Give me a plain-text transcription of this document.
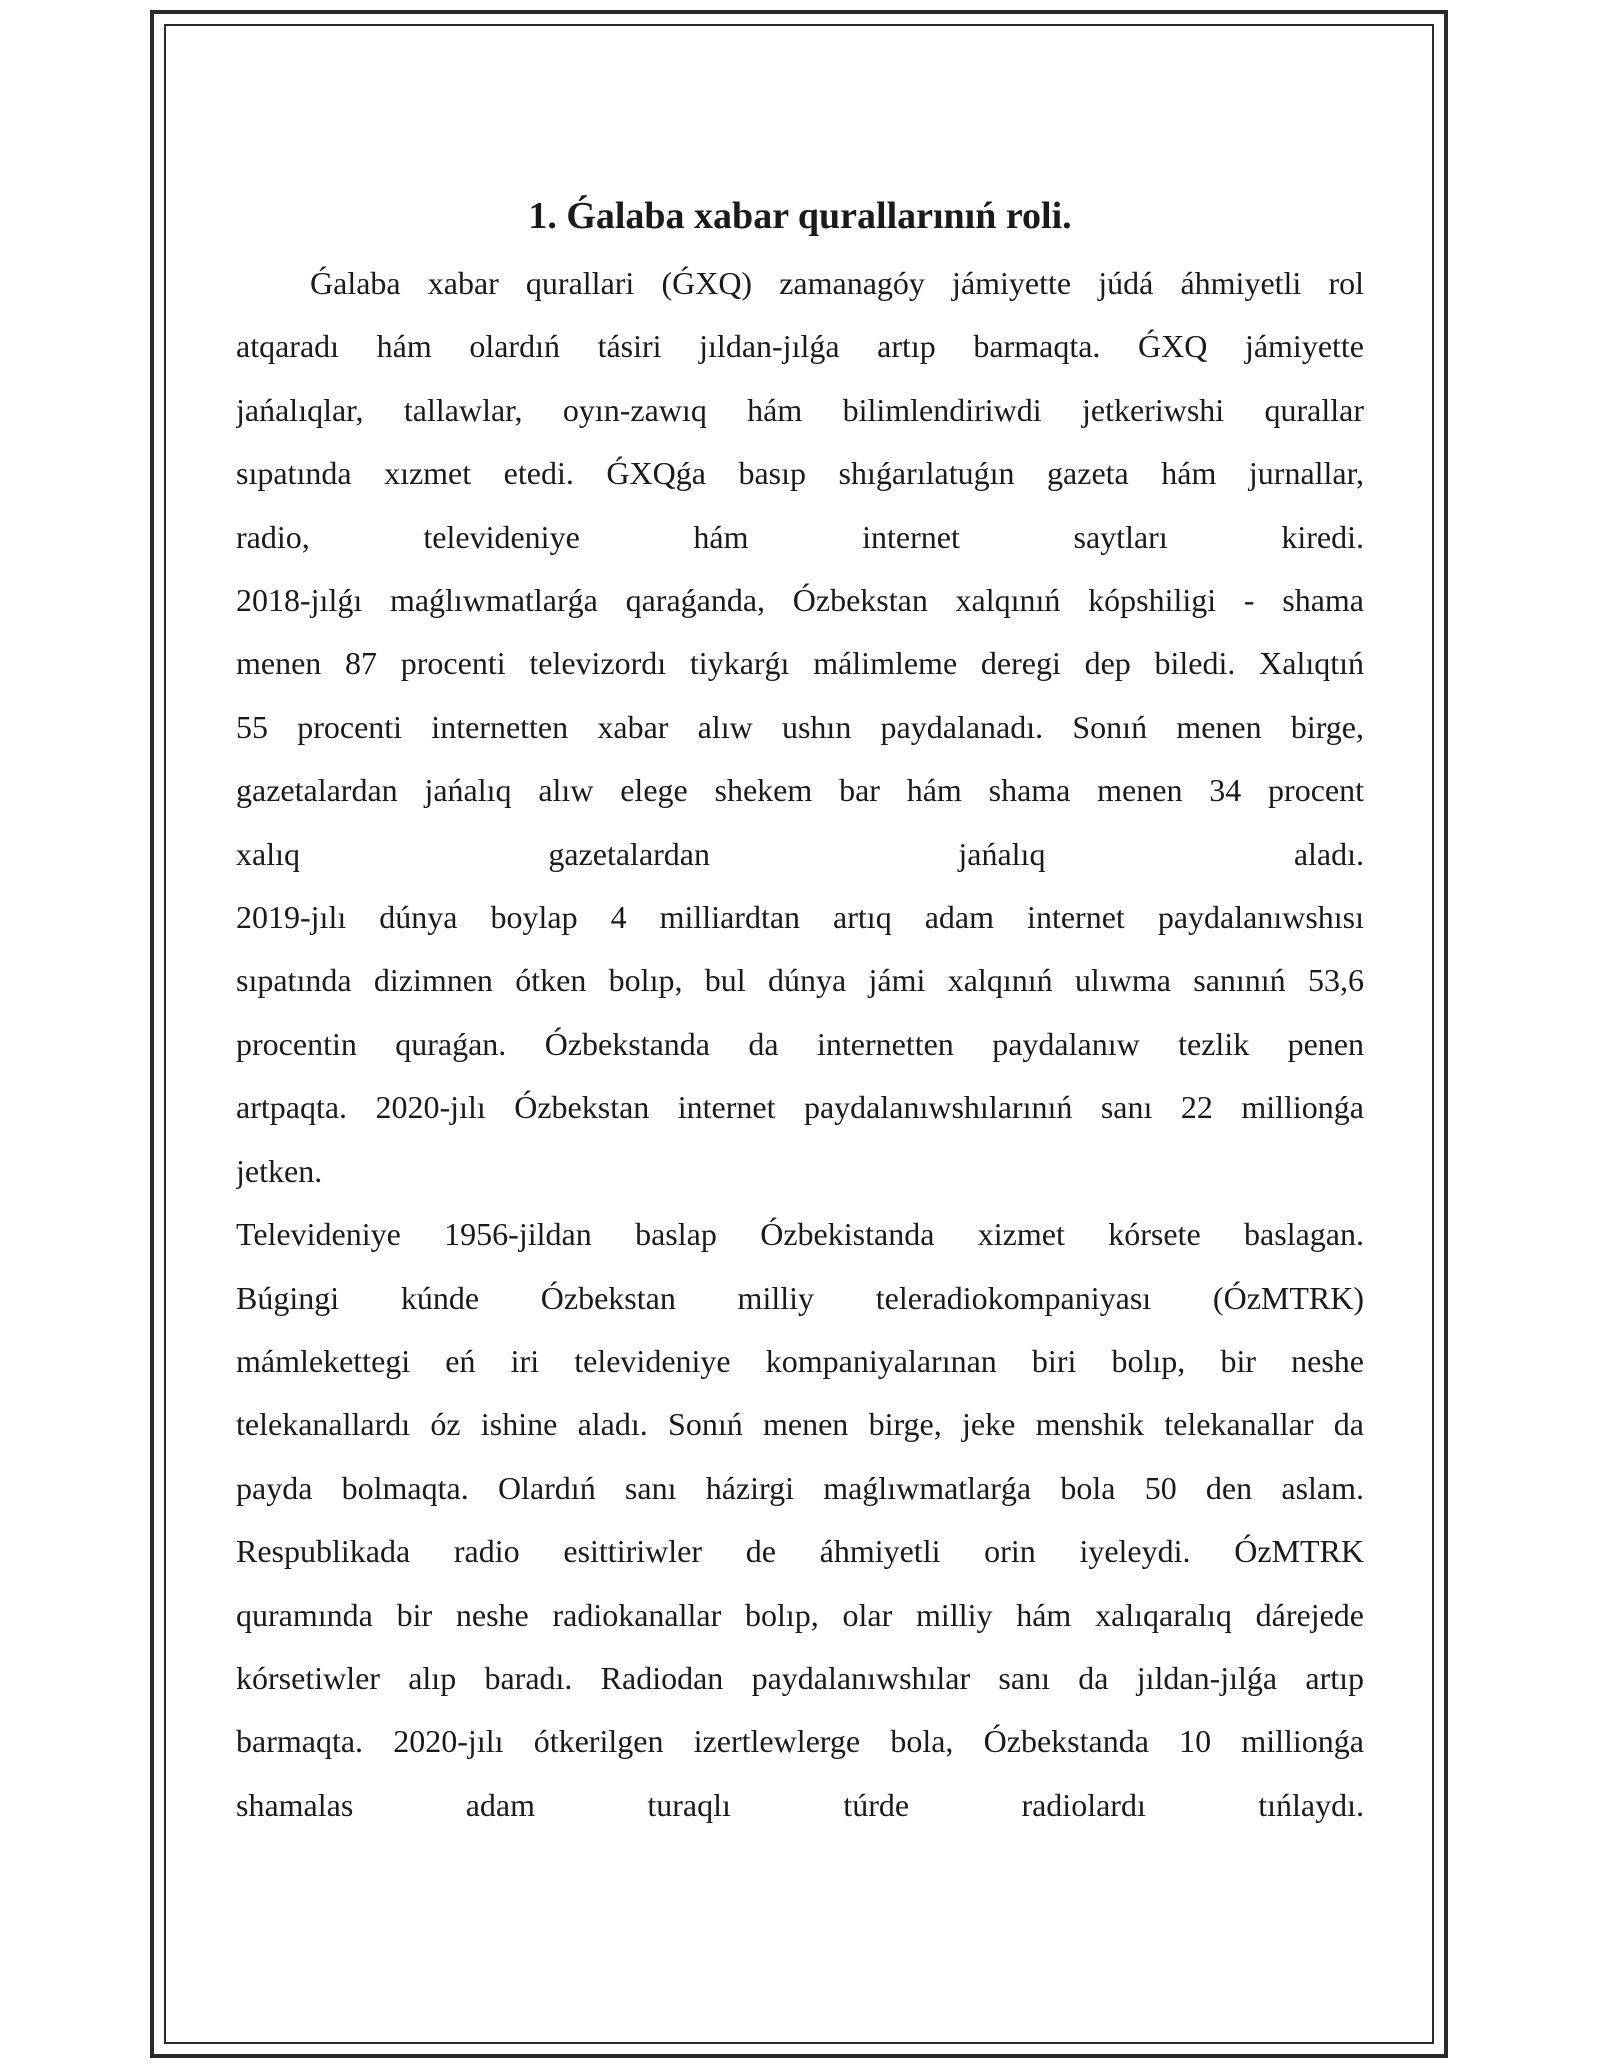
1. Ǵalaba xabar qurallarınıń roli.
Ǵalaba xabar qurallari (ǴXQ) zamanagóy jámiyette júdá áhmiyetli rol
atqaradı hám olardıń tásiri jıldan-jılǵa artıp barmaqta. ǴXQ jámiyette
jańalıqlar, tallawlar, oyın-zawıq hám bilimlendiriwdi jetkeriwshi qurallar
sıpatında xızmet etedi. ǴXQǵa basıp shıǵarılatuǵın gazeta hám jurnallar,
radio, televideniye hám internet saytları kiredi.
2018-jılǵı maǵlıwmatlarǵa qaraǵanda, Ózbekstan xalqınıń kópshiligi - shama
menen 87 procenti televizordı tiykarǵı málimleme deregi dep biledi. Xalıqtıń
55 procenti internetten xabar alıw ushın paydalanadı. Sonıń menen birge,
gazetalardan jańalıq alıw elege shekem bar hám shama menen 34 procent
xalıq gazetalardan jańalıq aladı.
2019-jılı dúnya boylap 4 milliardtan artıq adam internet paydalanıwshısı
sıpatında dizimnen ótken bolıp, bul dúnya jámi xalqınıń ulıwma sanınıń 53,6
procentin quraǵan. Ózbekstanda da internetten paydalanıw tezlik penen
artpaqta. 2020-jılı Ózbekstan internet paydalanıwshılarınıń sanı 22 millionǵa
jetken.
Televideniye 1956-jildan baslap Ózbekistanda xizmet kórsete baslagan.
Búgingi kúnde Ózbekstan milliy teleradiokompaniyası (ÓzMTRK)
mámlekettegi eń iri televideniye kompaniyalarınan biri bolıp, bir neshe
telekanallardı óz ishine aladı. Sonıń menen birge, jeke menshik telekanallar da
payda bolmaqta. Olardıń sanı házirgi maǵlıwmatlarǵa bola 50 den aslam.
Respublikada radio esittiriwler de áhmiyetli orin iyeleydi. ÓzMTRK
quramında bir neshe radiokanallar bolıp, olar milliy hám xalıqaralıq dárejede
kórsetiwler alıp baradı. Radiodan paydalanıwshılar sanı da jıldan-jılǵa artıp
barmaqta. 2020-jılı ótkerilgen izertlewlerge bola, Ózbekstanda 10 millionǵa
shamalas adam turaqlı túrde radiolardı tıńlaydı.
